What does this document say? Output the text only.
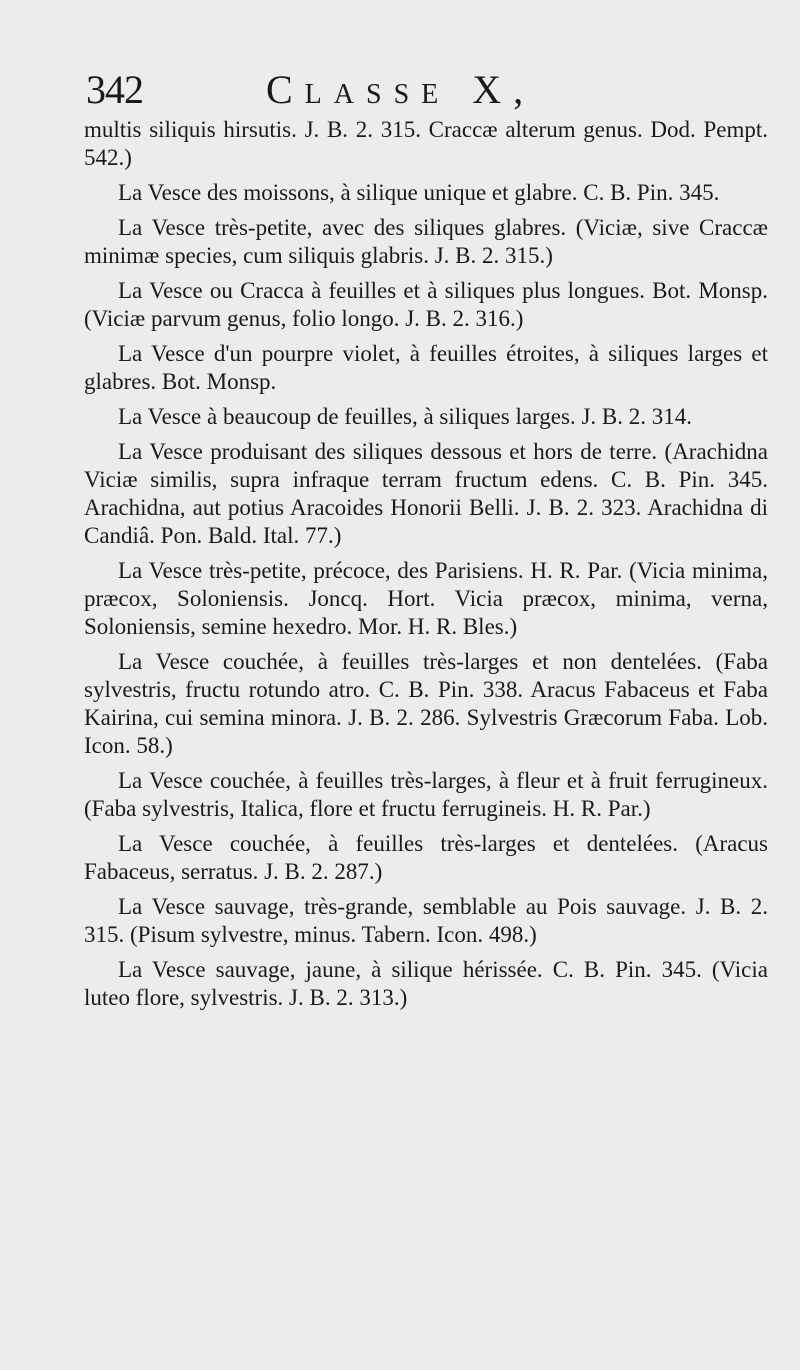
342	Classe X,

multis siliquis hirsutis. J. B. 2. 315. Craccæ alterum genus. Dod. Pempt. 542.)

La Vesce des moissons, à silique unique et glabre. C. B. Pin. 345.

La Vesce très-petite, avec des siliques glabres. (Viciæ, sive Craccæ minimæ species, cum siliquis glabris. J. B. 2. 315.)

La Vesce ou Cracca à feuilles et à siliques plus longues. Bot. Monsp. (Viciæ parvum genus, folio longo. J. B. 2. 316.)

La Vesce d'un pourpre violet, à feuilles étroites, à siliques larges et glabres. Bot. Monsp.

La Vesce à beaucoup de feuilles, à siliques larges. J. B. 2. 314.

La Vesce produisant des siliques dessous et hors de terre. (Arachidna Viciæ similis, supra infraque terram fructum edens. C. B. Pin. 345. Arachidna, aut potius Aracoides Honorii Belli. J. B. 2. 323. Arachidna di Candiâ. Pon. Bald. Ital. 77.)

La Vesce très-petite, précoce, des Parisiens. H. R. Par. (Vicia minima, præcox, Soloniensis. Joncq. Hort. Vicia præcox, minima, verna, Soloniensis, semine hexedro. Mor. H. R. Bles.)

La Vesce couchée, à feuilles très-larges et non dentelées. (Faba sylvestris, fructu rotundo atro. C. B. Pin. 338. Aracus Fabaceus et Faba Kairina, cui semina minora. J. B. 2. 286. Sylvestris Græcorum Faba. Lob. Icon. 58.)

La Vesce couchée, à feuilles très-larges, à fleur et à fruit ferrugineux. (Faba sylvestris, Italica, flore et fructu ferrugineis. H. R. Par.)

La Vesce couchée, à feuilles très-larges et dentelées. (Aracus Fabaceus, serratus. J. B. 2. 287.)

La Vesce sauvage, très-grande, semblable au Pois sauvage. J. B. 2. 315. (Pisum sylvestre, minus. Tabern. Icon. 498.)

La Vesce sauvage, jaune, à silique hérissée. C. B. Pin. 345. (Vicia luteo flore, sylvestris. J. B. 2. 313.)
